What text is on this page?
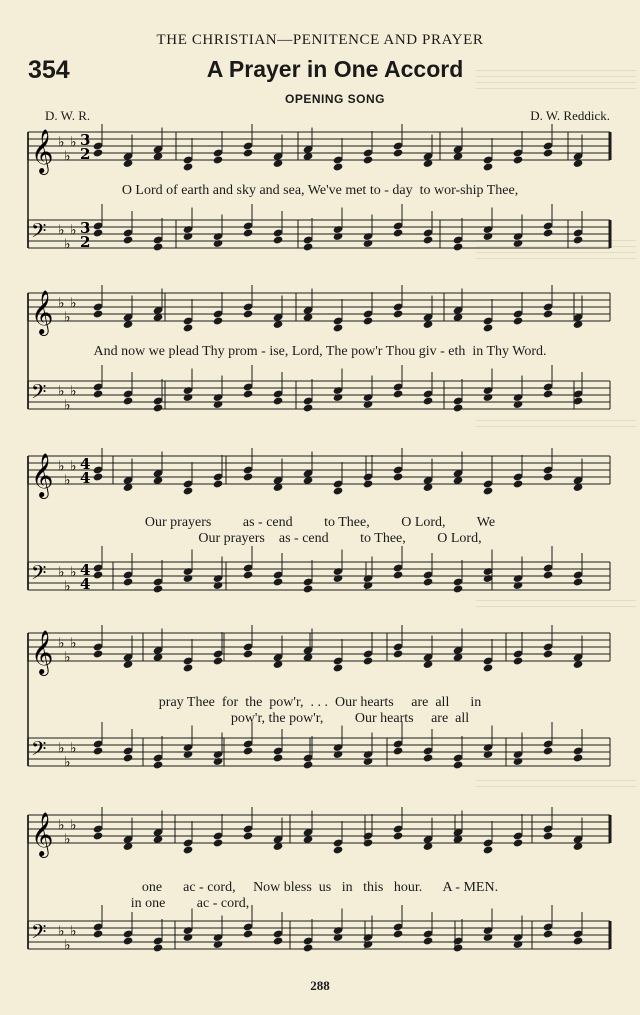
THE CHRISTIAN—PENITENCE AND PRAYER
354	A Prayer in One Accord
OPENING SONG
D. W. R.	D. W. Reddick.
𝄞 ♭
♭
♭ 3
2
𝄢 ♭
♭
♭ 3
2
𝄞 ♭
♭
♭
𝄢 ♭
♭
♭
𝄞 ♭
♭
♭ 4
4
𝄢 ♭
♭
♭ 4
4
𝄞 ♭
♭
♭
𝄢 ♭
♭
♭
𝄞 ♭
♭
♭
𝄢 ♭
♭
♭
O Lord of earth and sky and sea, We've met to - day  to wor-ship Thee,
And now we plead Thy prom - ise, Lord, The pow'r Thou giv - eth  in Thy Word.
Our prayers         as - cend         to Thee,         O Lord,         We
Our prayers    as - cend         to Thee,         O Lord,
pray Thee  for  the  pow'r,  . . .  Our hearts     are  all      in
pow'r, the pow'r,         Our hearts     are  all
one      ac - cord,     Now bless  us   in   this   hour.      A - MEN.
in one         ac - cord,
288
